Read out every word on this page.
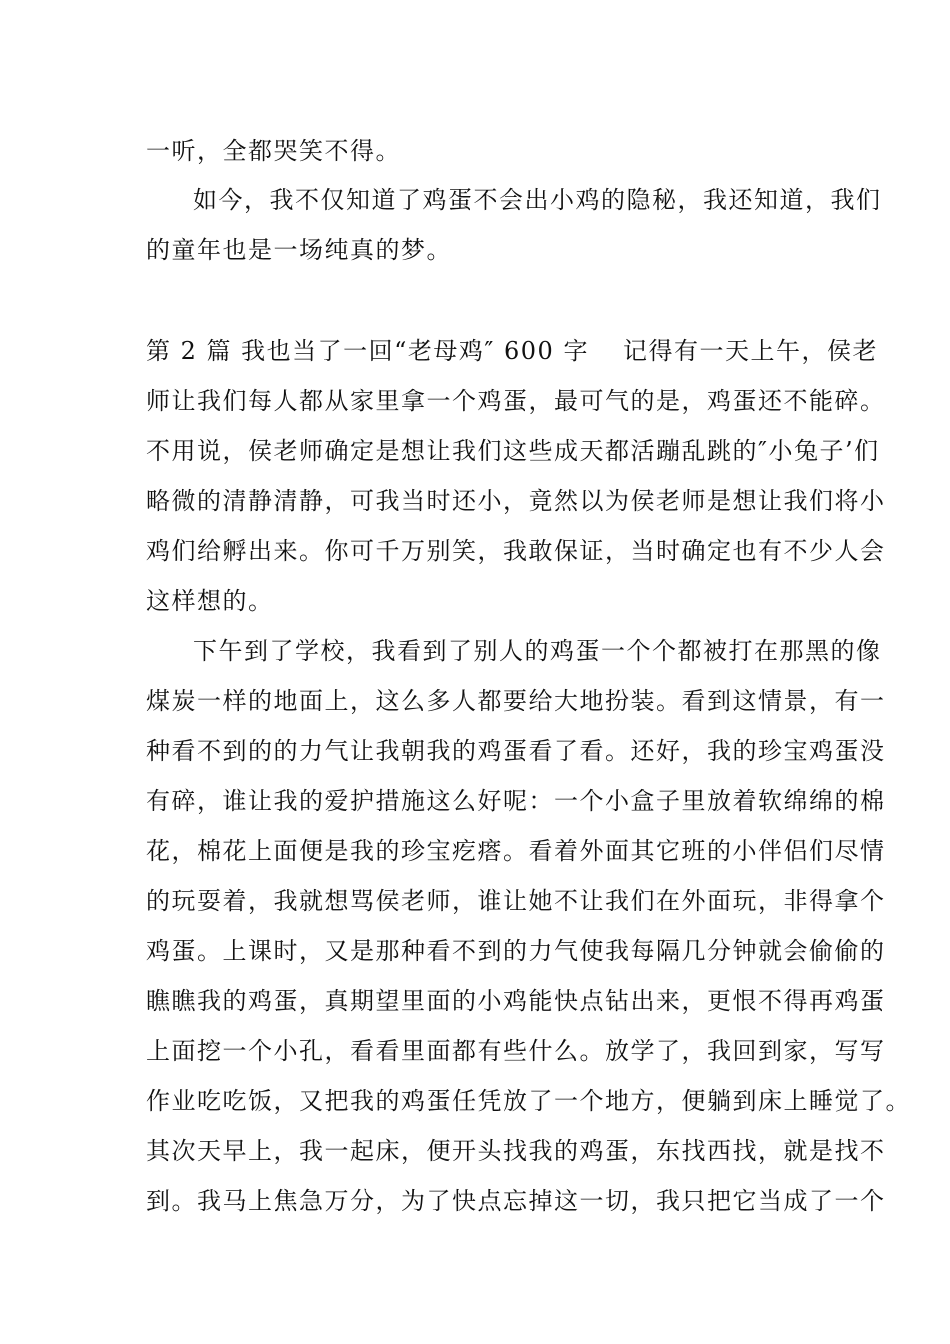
一听，全都哭笑不得。
如今，我不仅知道了鸡蛋不会出小鸡的隐秘，我还知道，我们
的童年也是一场纯真的梦。
第 2 篇 我也当了一回“老母鸡″ 600 字 记得有一天上午，侯老
师让我们每人都从家里拿一个鸡蛋，最可气的是，鸡蛋还不能碎。
不用说，侯老师确定是想让我们这些成天都活蹦乱跳的″小兔子’们
略微的清静清静，可我当时还小，竟然以为侯老师是想让我们将小
鸡们给孵出来。你可千万别笑，我敢保证，当时确定也有不少人会
这样想的。
下午到了学校，我看到了别人的鸡蛋一个个都被打在那黑的像
煤炭一样的地面上，这么多人都要给大地扮装。看到这情景，有一
种看不到的的力气让我朝我的鸡蛋看了看。还好，我的珍宝鸡蛋没
有碎，谁让我的爱护措施这么好呢：一个小盒子里放着软绵绵的棉
花，棉花上面便是我的珍宝疙瘩。看着外面其它班的小伴侣们尽情
的玩耍着，我就想骂侯老师，谁让她不让我们在外面玩，非得拿个
鸡蛋。上课时，又是那种看不到的力气使我每隔几分钟就会偷偷的
瞧瞧我的鸡蛋，真期望里面的小鸡能快点钻出来，更恨不得再鸡蛋
上面挖一个小孔，看看里面都有些什么。放学了，我回到家，写写
作业吃吃饭，又把我的鸡蛋任凭放了一个地方，便躺到床上睡觉了。
其次天早上，我一起床，便开头找我的鸡蛋，东找西找，就是找不
到。我马上焦急万分，为了快点忘掉这一切，我只把它当成了一个
